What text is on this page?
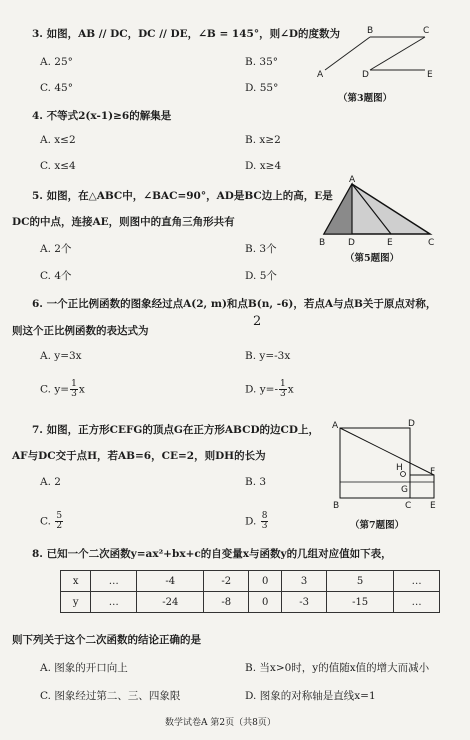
3. 如图，AB // DC，DC // DE，∠B = 145°，则∠D的度数为
A. 25°	B. 35°
C. 45°	D. 55°
B	C
A	D	E
（第3题图）
4. 不等式2(x-1)≥6的解集是
A. x≤2	B. x≥2
C. x≤4	D. x≥4
5. 如图，在△ABC中，∠BAC=90°，AD是BC边上的高，E是
DC的中点，连接AE，则图中的直角三角形共有
A. 2个	B. 3个
C. 4个	D. 5个
A
B	D	E	C
（第5题图）
6. 一个正比例函数的图象经过点A(2, m)和点B(n, -6)，若点A与点B关于原点对称，
2
则这个正比例函数的表达式为
A. y=3x	B. y=-3x
C. $y= \frac{1}{3}$ x	D. $y=- \frac{1}{3}$ x
7. 如图，正方形CEFG的顶点G在正方形ABCD的边CD上，
AF与DC交于点H，若AB=6，CE=2，则DH的长为
A. 2	B. 3
C. $\frac{5}{2}$	D. $\frac{8}{3}$
A	D
F
B	C E
G
H
（第7题图）
8. 已知一个二次函数y=ax²+bx+c的自变量x与函数y的几组对应值如下表，
x	…	-4	-2	0	3	5	…
y	…	-24	-8	0	-3	-15	…
则下列关于这个二次函数的结论正确的是
A. 图象的开口向上	B. 当x>0时，y的值随x值的增大而减小
C. 图象经过第二、三、四象限	D. 图象的对称轴是直线x=1
数学试卷A 第2页（共8页）
